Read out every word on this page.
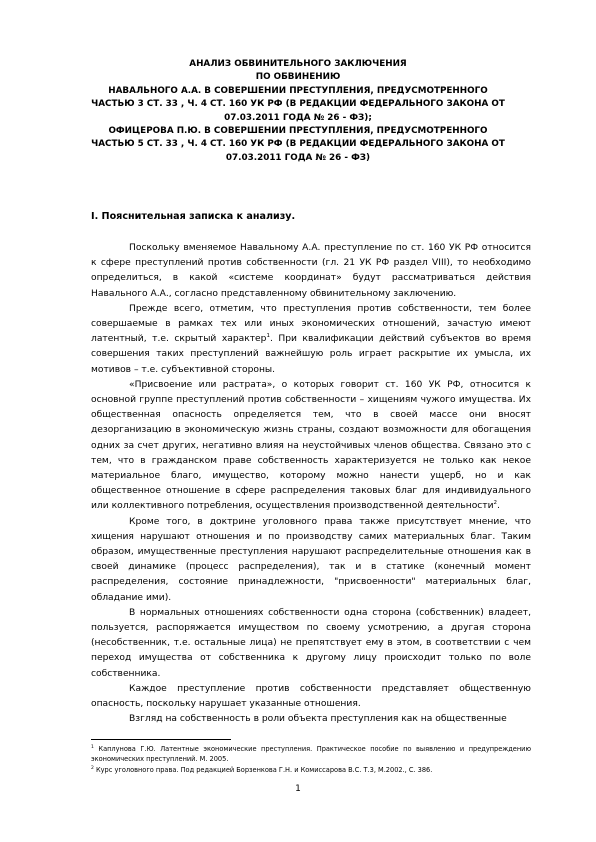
АНАЛИЗ ОБВИНИТЕЛЬНОГО ЗАКЛЮЧЕНИЯ
ПО ОБВИНЕНИЮ
НАВАЛЬНОГО А.А. В СОВЕРШЕНИИ ПРЕСТУПЛЕНИЯ, ПРЕДУСМОТРЕННОГО
ЧАСТЬЮ 3 СТ. 33 , Ч. 4 СТ. 160 УК РФ (В РЕДАКЦИИ ФЕДЕРАЛЬНОГО ЗАКОНА ОТ
07.03.2011 ГОДА № 26 - ФЗ);
ОФИЦЕРОВА П.Ю. В СОВЕРШЕНИИ ПРЕСТУПЛЕНИЯ, ПРЕДУСМОТРЕННОГО
ЧАСТЬЮ 5 СТ. 33 , Ч. 4 СТ. 160 УК РФ (В РЕДАКЦИИ ФЕДЕРАЛЬНОГО ЗАКОНА ОТ
07.03.2011 ГОДА № 26 - ФЗ)
I. Пояснительная записка к анализу.

Поскольку вменяемое Навальному А.А. преступление по ст. 160 УК РФ относится к сфере преступлений против собственности (гл. 21 УК РФ раздел VIII), то необходимо определиться, в какой «системе координат» будут рассматриваться действия Навального А.А., согласно представленному обвинительному заключению.

Прежде всего, отметим, что преступления против собственности, тем более совершаемые в рамках тех или иных экономических отношений, зачастую имеют латентный, т.е. скрытый характер$^1$. При квалификации действий субъектов во время совершения таких преступлений важнейшую роль играет раскрытие их умысла, их мотивов – т.е. субъективной стороны.

«Присвоение или растрата», о которых говорит ст. 160 УК РФ, относится к основной группе преступлений против собственности – хищениям чужого имущества. Их общественная опасность определяется тем, что в своей массе они вносят дезорганизацию в экономическую жизнь страны, создают возможности для обогащения одних за счет других, негативно влияя на неустойчивых членов общества. Связано это с тем, что в гражданском праве собственность характеризуется не только как некое материальное благо, имущество, которому можно нанести ущерб, но и как общественное отношение в сфере распределения таковых благ для индивидуального или коллективного потребления, осуществления производственной деятельности$^2$.

Кроме того, в доктрине уголовного права также присутствует мнение, что хищения нарушают отношения и по производству самих материальных благ. Таким образом, имущественные преступления нарушают распределительные отношения как в своей динамике (процесс распределения), так и в статике (конечный момент распределения, состояние принадлежности, "присвоенности" материальных благ, обладание ими).

В нормальных отношениях собственности одна сторона (собственник) владеет, пользуется, распоряжается имуществом по своему усмотрению, а другая сторона (несобственник, т.е. остальные лица) не препятствует ему в этом, в соответствии с чем переход имущества от собственника к другому лицу происходит только по воле собственника.

Каждое преступление против собственности представляет общественную опасность, поскольку нарушает указанные отношения.

Взгляд на собственность в роли объекта преступления как на общественные

$^1$ Каплунова Г.Ю. Латентные экономические преступления. Практическое пособие по выявлению и предупреждению экономических преступлений. М. 2005.

$^2$ Курс уголовного права. Под редакцией Борзенкова Г.Н. и Комиссарова В.С. Т.3, М.2002., С. 386.

1
